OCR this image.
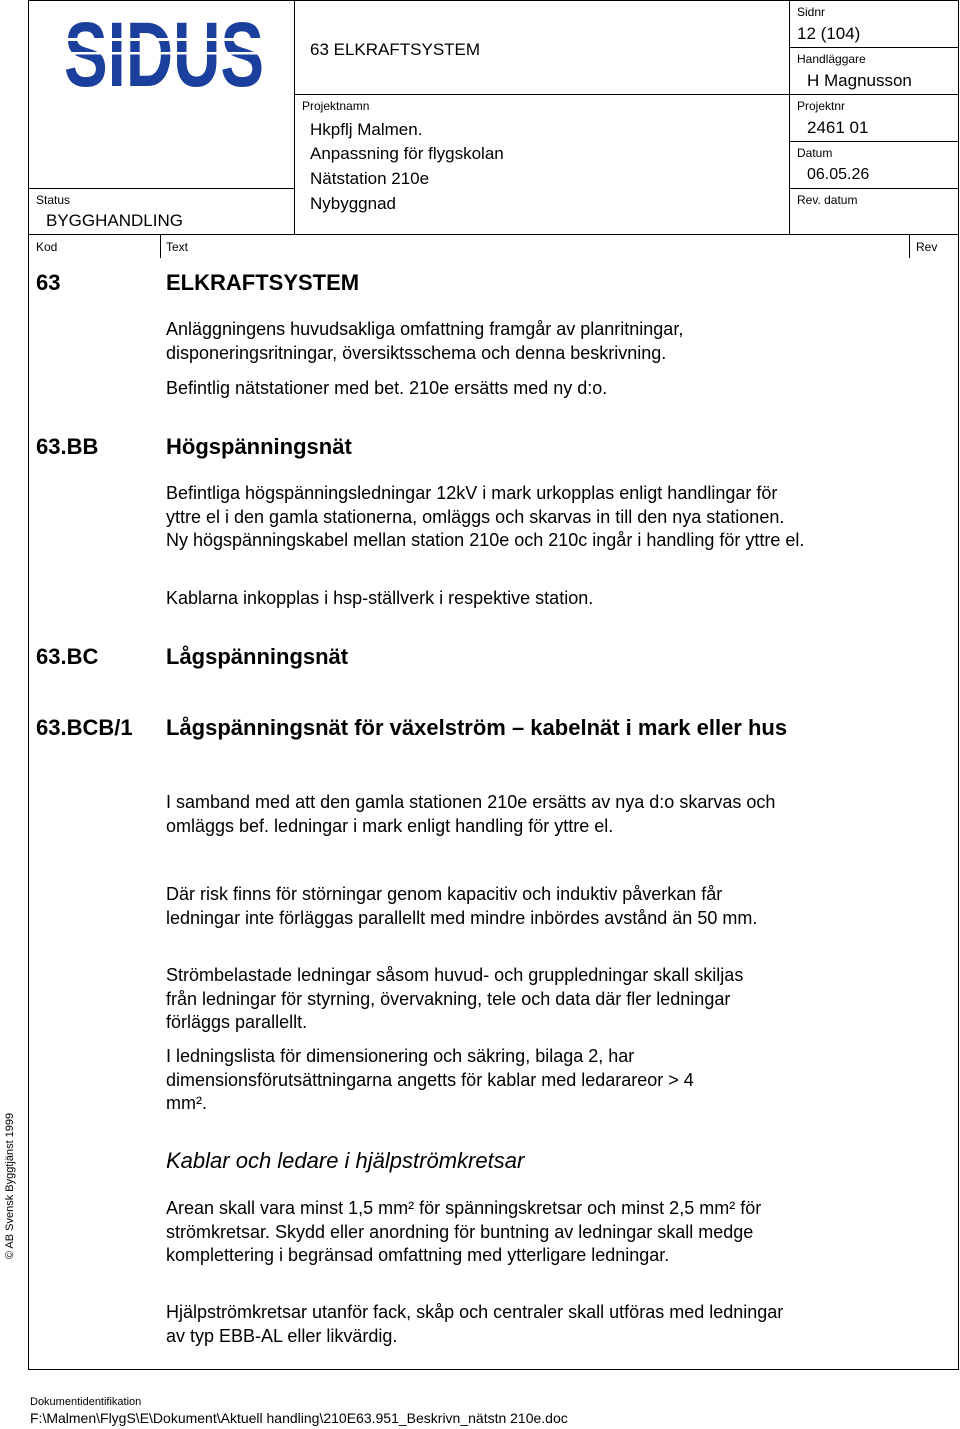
63 ELKRAFTSYSTEM
Sidnr
12 (104)
Handläggare
H Magnusson
Projektnamn
Hkpflj Malmen.
Anpassning för flygskolan
Nätstation 210e
Nybyggnad
Projektnr
2461 01
Datum
06.05.26
Status
BYGGHANDLING
Rev. datum
Kod	Text	Rev
63	ELKRAFTSYSTEM
Anläggningens huvudsakliga omfattning framgår av planritningar, disponeringsritningar, översiktsschema och denna beskrivning.
Befintlig nätstationer med bet. 210e ersätts med ny d:o.
63.BB	Högspänningsnät
Befintliga högspänningsledningar 12kV i mark urkopplas enligt handlingar för yttre el i den gamla stationerna, omläggs och skarvas in till den nya stationen. Ny högspänningskabel mellan station 210e och 210c ingår i handling för yttre el.
Kablarna inkopplas i hsp-ställverk i respektive station.
63.BC	Lågspänningsnät
63.BCB/1 Lågspänningsnät för växelström – kabelnät i mark eller hus
I samband med att den gamla stationen 210e ersätts av nya d:o skarvas och omläggs bef. ledningar i mark enligt handling för yttre el.
Där risk finns för störningar genom kapacitiv och induktiv påverkan får ledningar inte förläggas parallellt med mindre inbördes avstånd än 50 mm.
Strömbelastade ledningar såsom huvud- och gruppledningar skall skiljas från ledningar för styrning, övervakning, tele och data där fler ledningar förläggs parallellt.
I ledningslista för dimensionering och säkring, bilaga 2, har dimensionsförutsättningarna angetts för kablar med ledarareor > 4 mm².
Kablar och ledare i hjälpströmkretsar
Arean skall vara minst 1,5 mm² för spänningskretsar och minst 2,5 mm² för strömkretsar. Skydd eller anordning för buntning av ledningar skall medge komplettering i begränsad omfattning med ytterligare ledningar.
Hjälpströmkretsar utanför fack, skåp och centraler skall utföras med ledningar av typ EBB-AL eller likvärdig.
© AB Svensk Byggtjänst 1999
Dokumentidentifikation
F:\Malmen\FlygS\E\Dokument\Aktuell handling\210E63.951_Beskrivn_nätstn 210e.doc
